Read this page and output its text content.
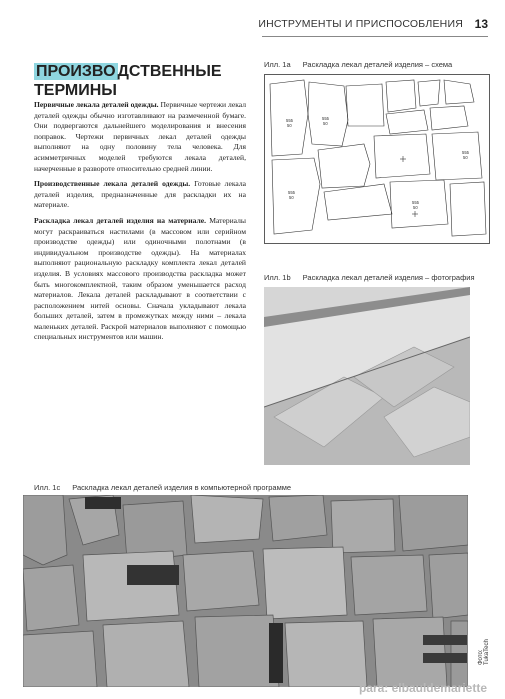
ИНСТРУМЕНТЫ И ПРИСПОСОБЛЕНИЯ 13
ПРОИЗВО ДСТВЕННЫЕ
ТЕРМИНЫ

Первичные лекала деталей одежды. Первичные чертежи лекал деталей одежды обычно изготавливают на размеченной бумаге. Они подвергаются дальнейшего моделирования и внесения поправок. Чертежи первичных лекал деталей одежды выполняют на одну половину тела человека. Для асимметричных моделей требуются лекала деталей, начерченные в развороте относительно средней линии.

Производственные лекала деталей одежды. Готовые лекала деталей изделия, предназначенные для раскладки их на материале.

Раскладка лекал деталей изделия на материале. Материалы могут раскраиваться настилами (в массовом или серийном производстве одежды) или одиночными полотнами (в индивидуальном производстве одежды). На материалах выполняют рациональную раскладку комплекта лекал деталей изделия. В условиях массового производства раскладка может быть многокомплектной, таким образом уменьшается расход материалов. Лекала деталей раскладывают в соответствии с расположением нитей основы. Сначала укладывают лекала больших деталей, затем в промежутках между ними – лекала маленьких деталей. Раскрой материалов выполняют с помощью специальных инструментов или машин.

Илл. 1a Раскладка лекал деталей изделия – схема
555
50
555
50
555
50
555
50
555
50
Илл. 1b Раскладка лекал деталей изделия – фотография
Илл. 1c Раскладка лекал деталей изделия в компьютерной программе
Фото: TukaTech
para: elbauldemariette
